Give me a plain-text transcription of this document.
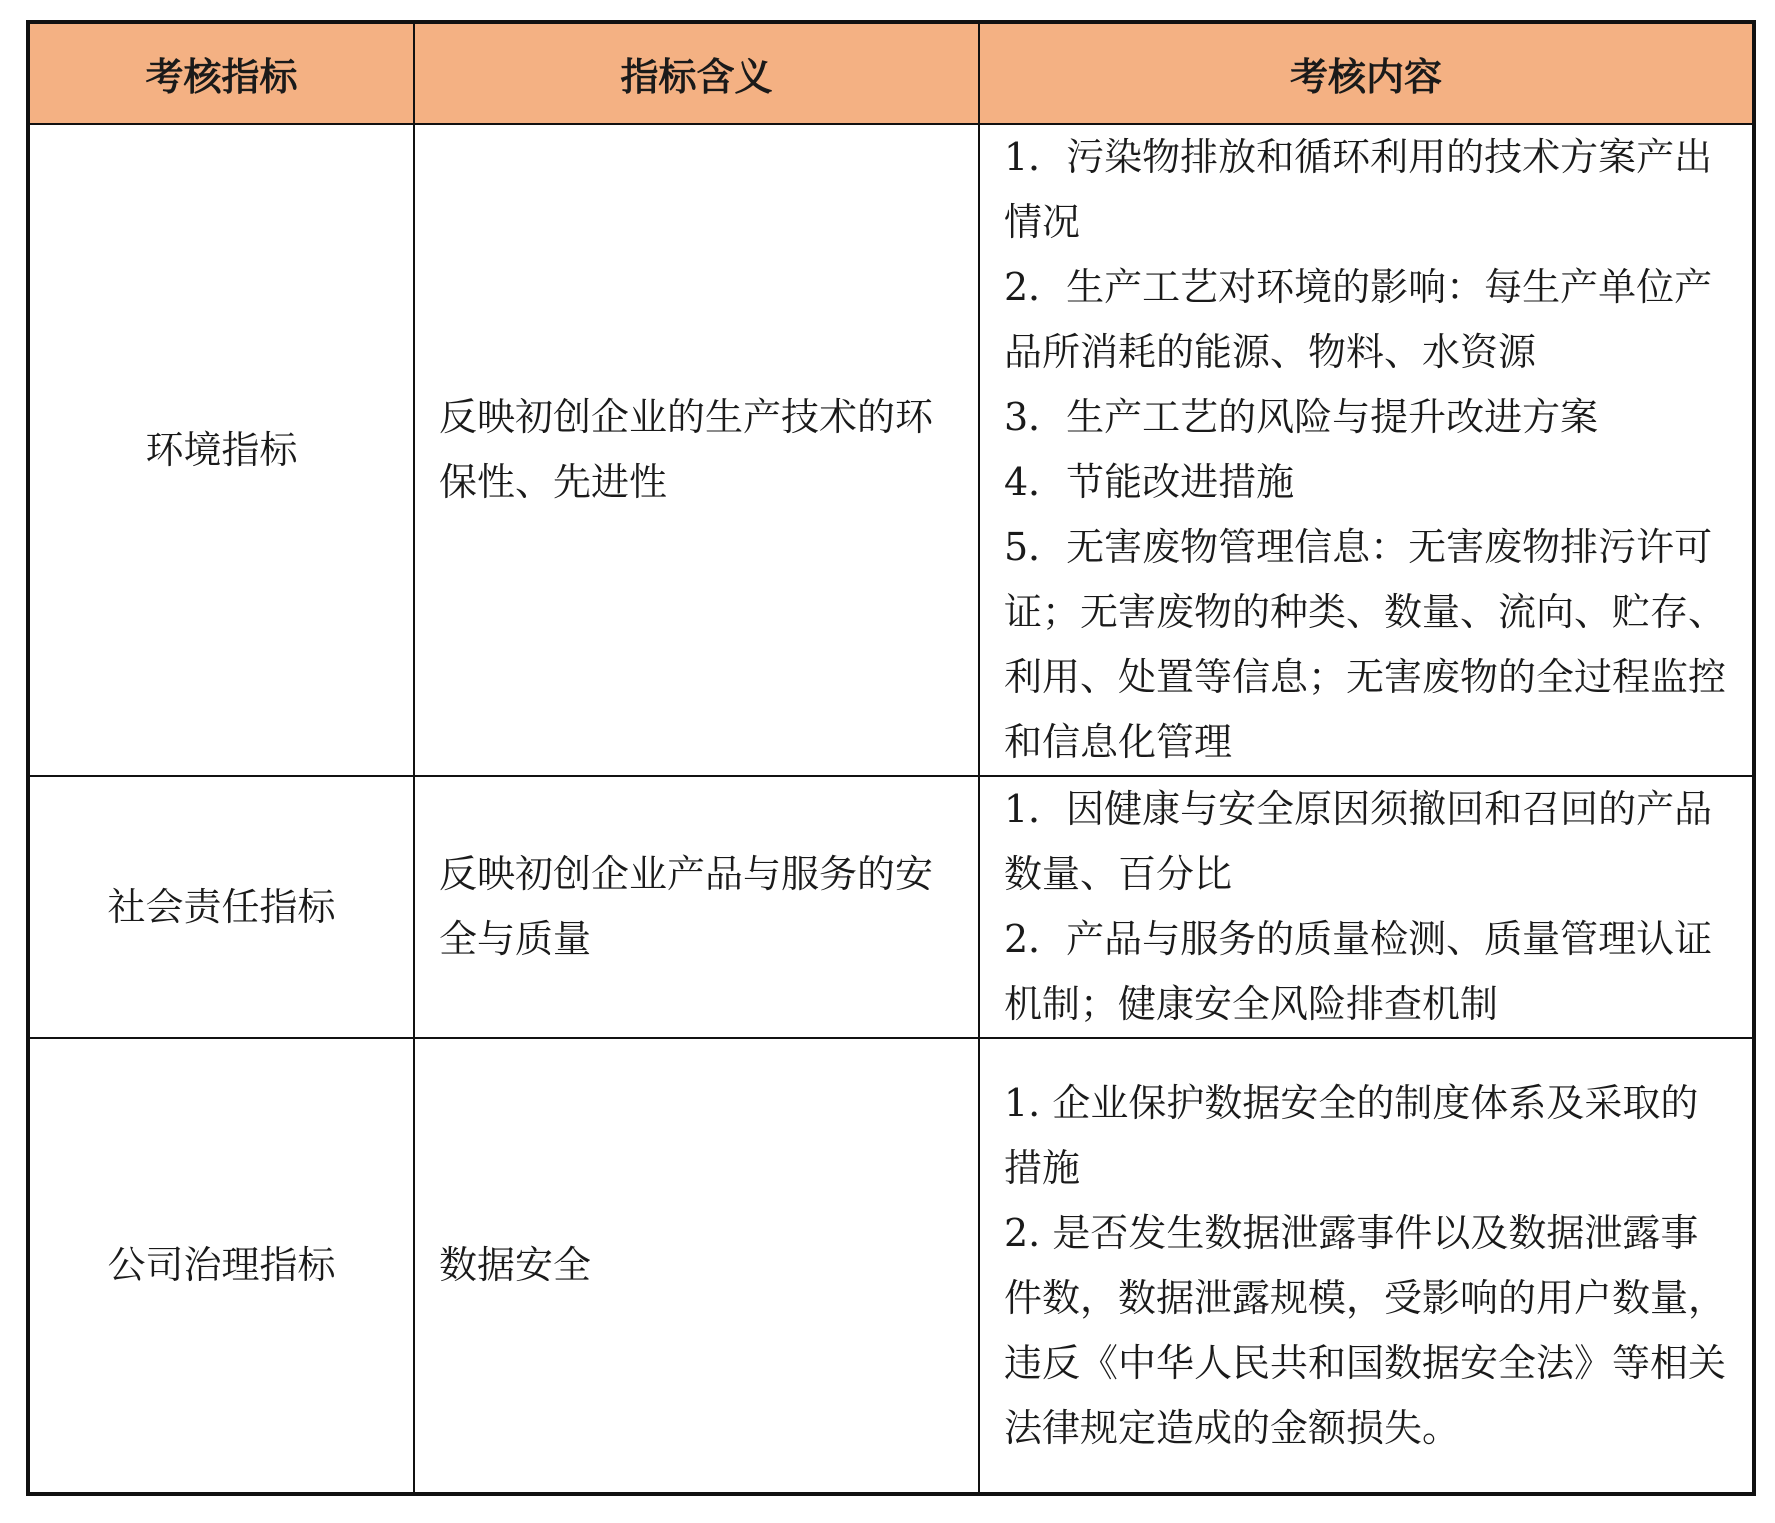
考核指标	指标含义	考核内容
环境指标	反映初创企业的生产技术的环保性、先进性	1．污染物排放和循环利用的技术方案产出情况
2．生产工艺对环境的影响：每生产单位产品所消耗的能源、物料、水资源
3．生产工艺的风险与提升改进方案
4．节能改进措施
5．无害废物管理信息：无害废物排污许可证；无害废物的种类、数量、流向、贮存、利用、处置等信息；无害废物的全过程监控和信息化管理

社会责任指标	反映初创企业产品与服务的安全与质量	1．因健康与安全原因须撤回和召回的产品数量、百分比
2．产品与服务的质量检测、质量管理认证机制；健康安全风险排查机制

公司治理指标	数据安全	1. 企业保护数据安全的制度体系及采取的措施
2. 是否发生数据泄露事件以及数据泄露事件数，数据泄露规模，受影响的用户数量，违反《中华人民共和国数据安全法》等相关法律规定造成的金额损失。
